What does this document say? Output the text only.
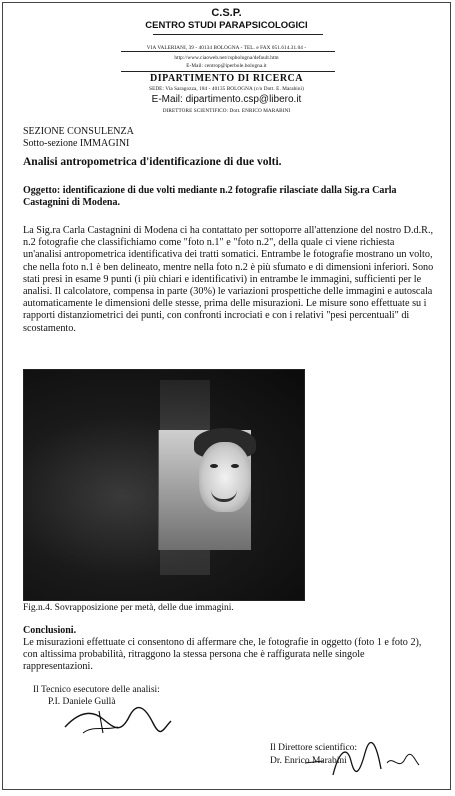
C.S.P.
CENTRO STUDI PARAPSICOLOGICI
VIA VALERIANI, 39 - 40134 BOLOGNA - TEL. e FAX 051.614.31.04 -
http://www.ciaoweb.net/cspbologna/default.htm
E-Mail: centrop@iperbole.bologna.it
DIPARTIMENTO DI RICERCA
SEDE: Via Saragozza, 184 - 40135 BOLOGNA (c/o Dott. E. Marabini)
E-Mail: dipartimento.csp@libero.it
DIRETTORE SCIENTIFICO: Dott. ENRICO MARABINI
SEZIONE CONSULENZA
Sotto-sezione IMMAGINI
Analisi antropometrica d'identificazione di due volti.
Oggetto: identificazione di due volti mediante n.2 fotografie rilasciate dalla Sig.ra Carla Castagnini di Modena.
La Sig.ra Carla Castagnini di Modena ci ha contattato per sottoporre all'attenzione del nostro D.d.R., n.2 fotografie che classifichiamo come "foto n.1" e "foto n.2", della quale ci viene richiesta un'analisi antropometrica identificativa dei tratti somatici. Entrambe le fotografie mostrano un volto, che nella foto n.1 è ben delineato, mentre nella foto n.2 è più sfumato e di dimensioni inferiori. Sono stati presi in esame 9 punti (i più chiari e identificativi) in entrambe le immagini, sufficienti per le analisi. Il calcolatore, compensa in parte (30%) le variazioni prospettiche delle immagini e autoscala automaticamente le dimensioni delle stesse, prima delle misurazioni. Le misure sono effettuate su i rapporti distanziometrici dei punti, con confronti incrociati e con i relativi "pesi percentuali" di scostamento.
Fig.n.4. Sovrapposizione per metà, delle due immagini.
Conclusioni.
Le misurazioni effettuate ci consentono di affermare che, le fotografie in oggetto (foto 1 e foto 2), con altissima probabilità, ritraggono la stessa persona che è raffigurata nelle singole rappresentazioni.
Il Tecnico esecutore delle analisi:
P.I. Daniele Gullà
Il Direttore scientifico:
Dr. Enrico Marabini
